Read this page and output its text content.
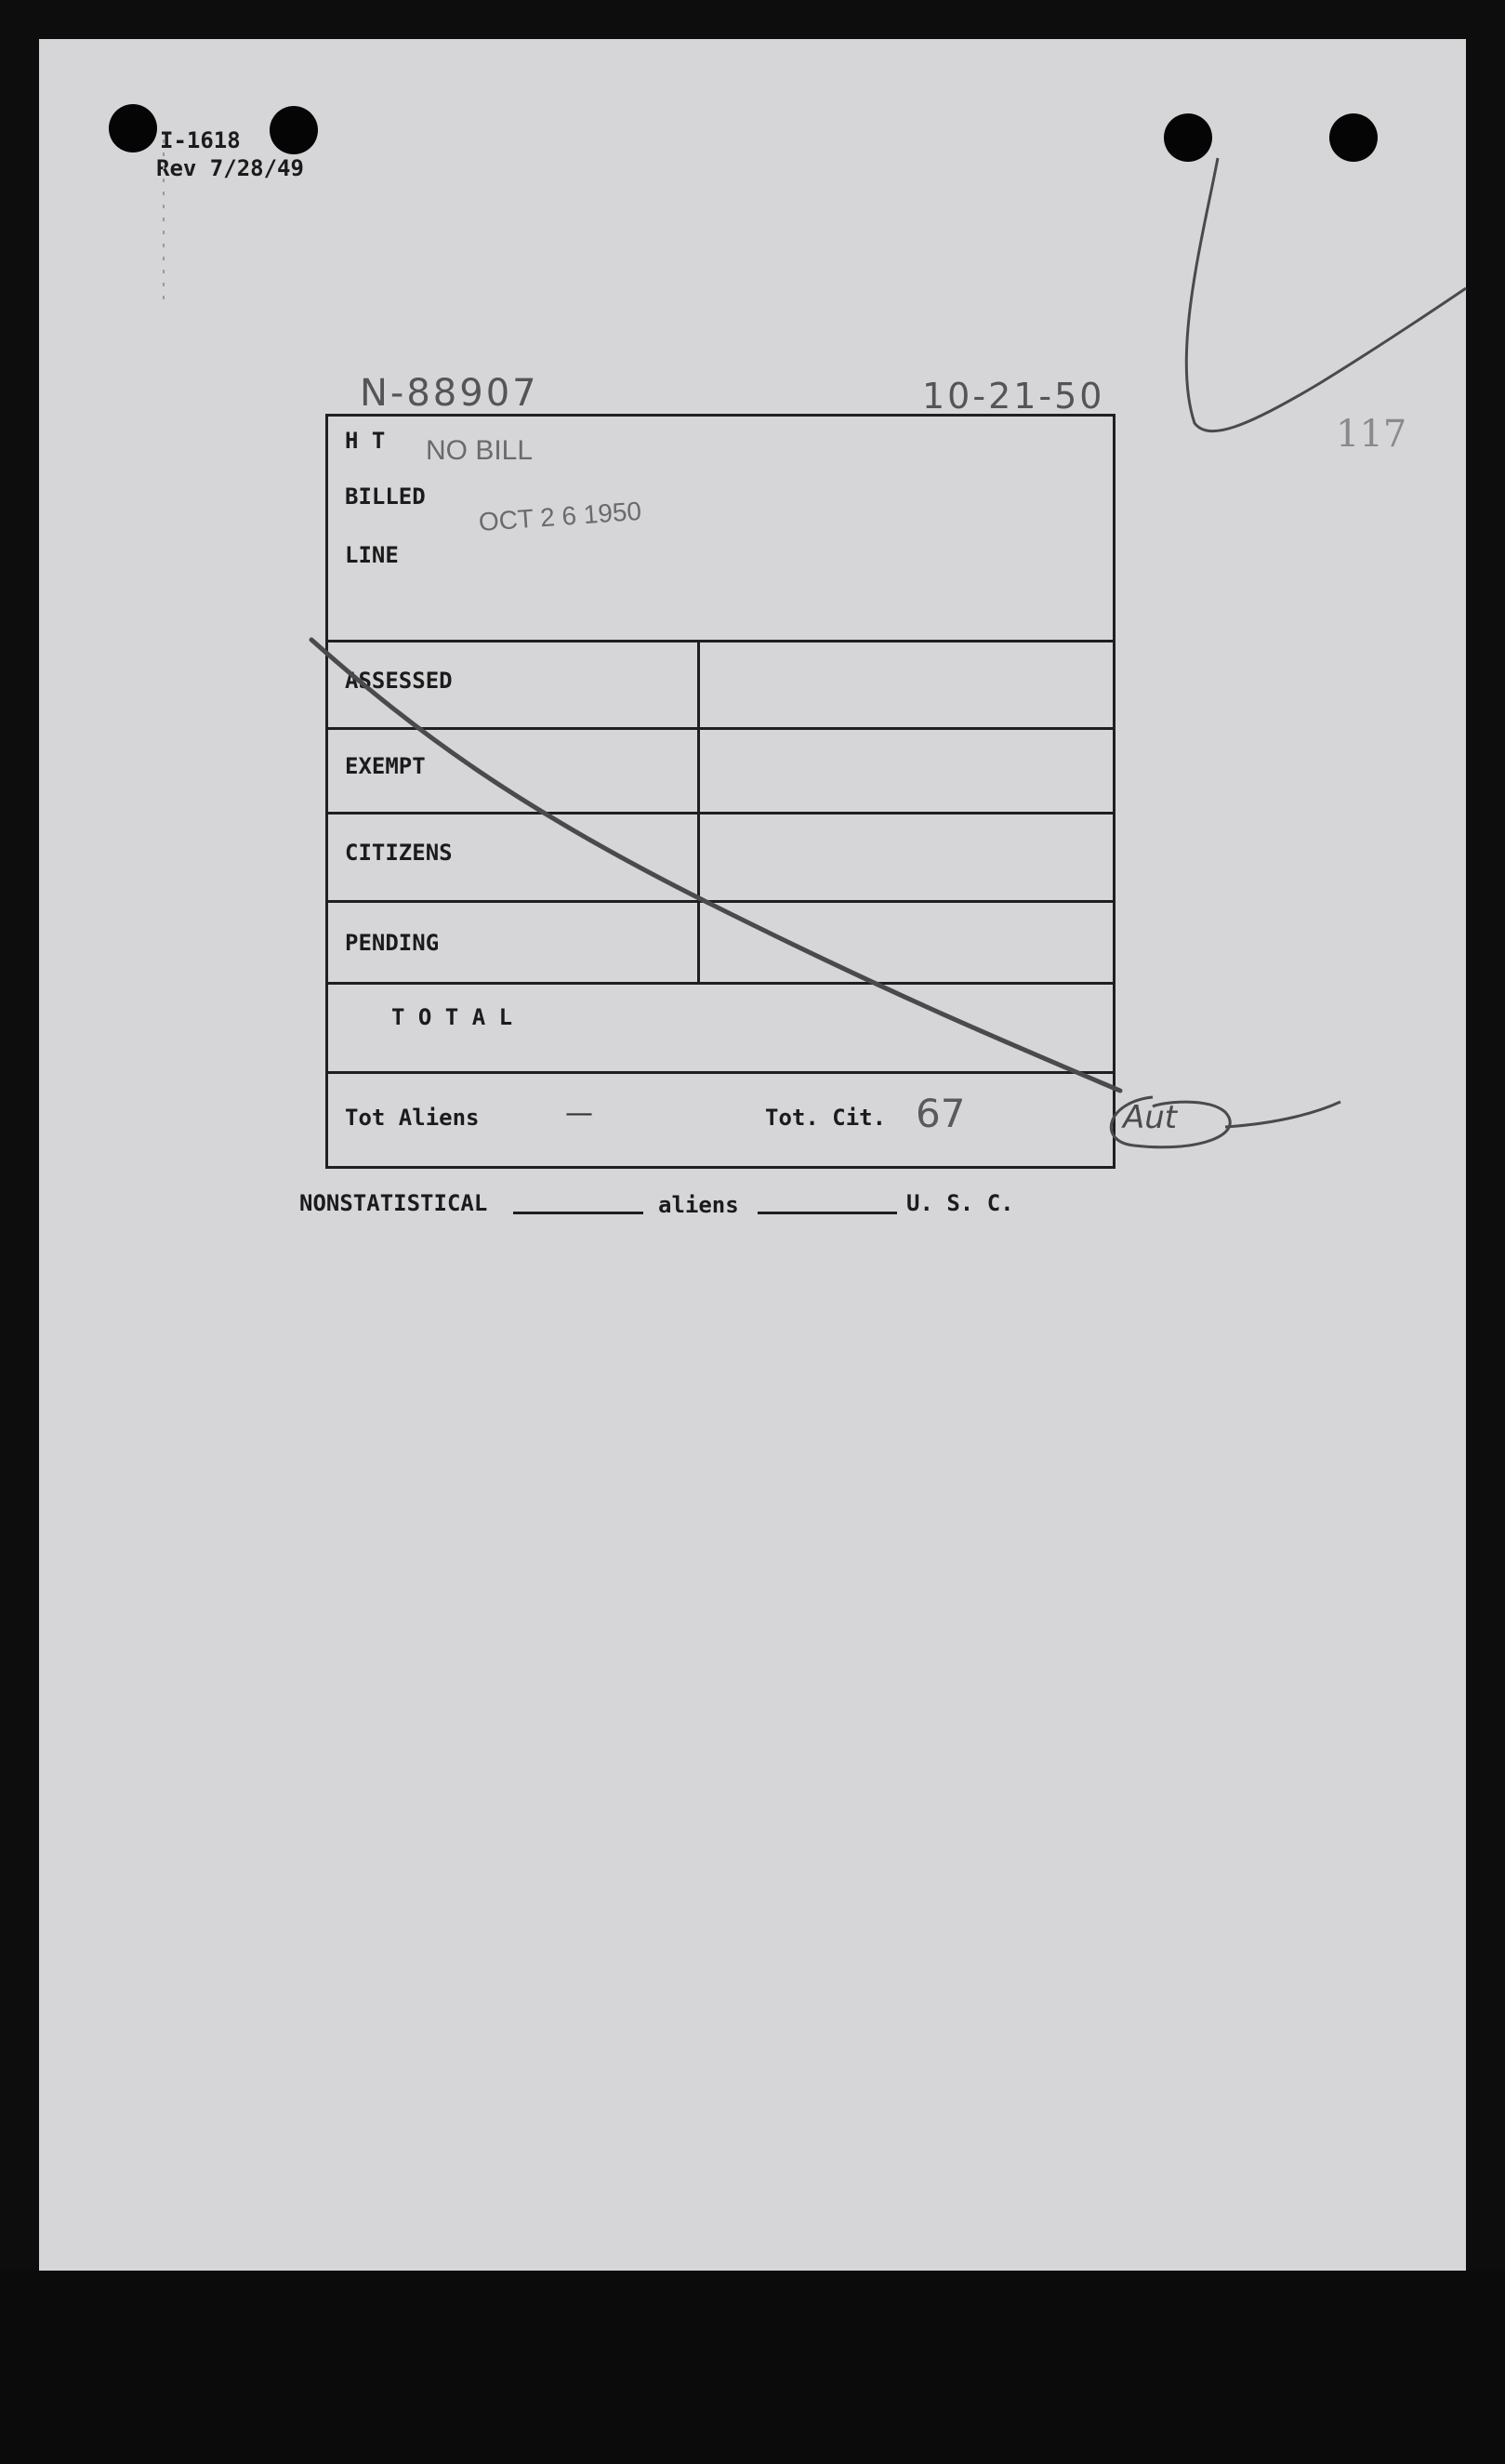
I-1618
Rev 7/28/49
N-88907	10-21-50
117
H T NO BILL
BILLED OCT 2 6 1950
LINE
ASSESSED
EXEMPT
CITIZENS
PENDING
T O T A L
Tot Aliens	—	Tot. Cit. 67
NONSTATISTICAL	aliens	U. S. C.
Aut
